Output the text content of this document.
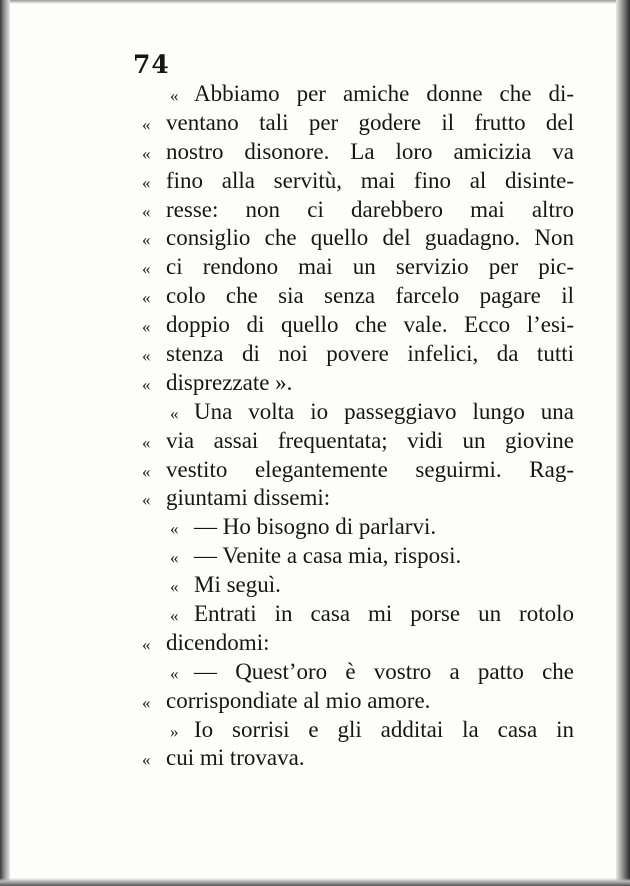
74
« Abbiamo per amiche donne che di-
« ventano tali per godere il frutto del
« nostro disonore. La loro amicizia va
« fino alla servitù, mai fino al disinte-
« resse: non ci darebbero mai altro
« consiglio che quello del guadagno. Non
« ci rendono mai un servizio per pic-
« colo che sia senza farcelo pagare il
« doppio di quello che vale. Ecco l’esi-
« stenza di noi povere infelici, da tutti
« disprezzate ».
« Una volta io passeggiavo lungo una
« via assai frequentata; vidi un giovine
« vestito elegantemente seguirmi. Rag-
« giuntami dissemi:
« — Ho bisogno di parlarvi.
« — Venite a casa mia, risposi.
« Mi seguì.
« Entrati in casa mi porse un rotolo
« dicendomi:
« — Quest’oro è vostro a patto che
« corrispondiate al mio amore.
» Io sorrisi e gli additai la casa in
« cui mi trovava.
